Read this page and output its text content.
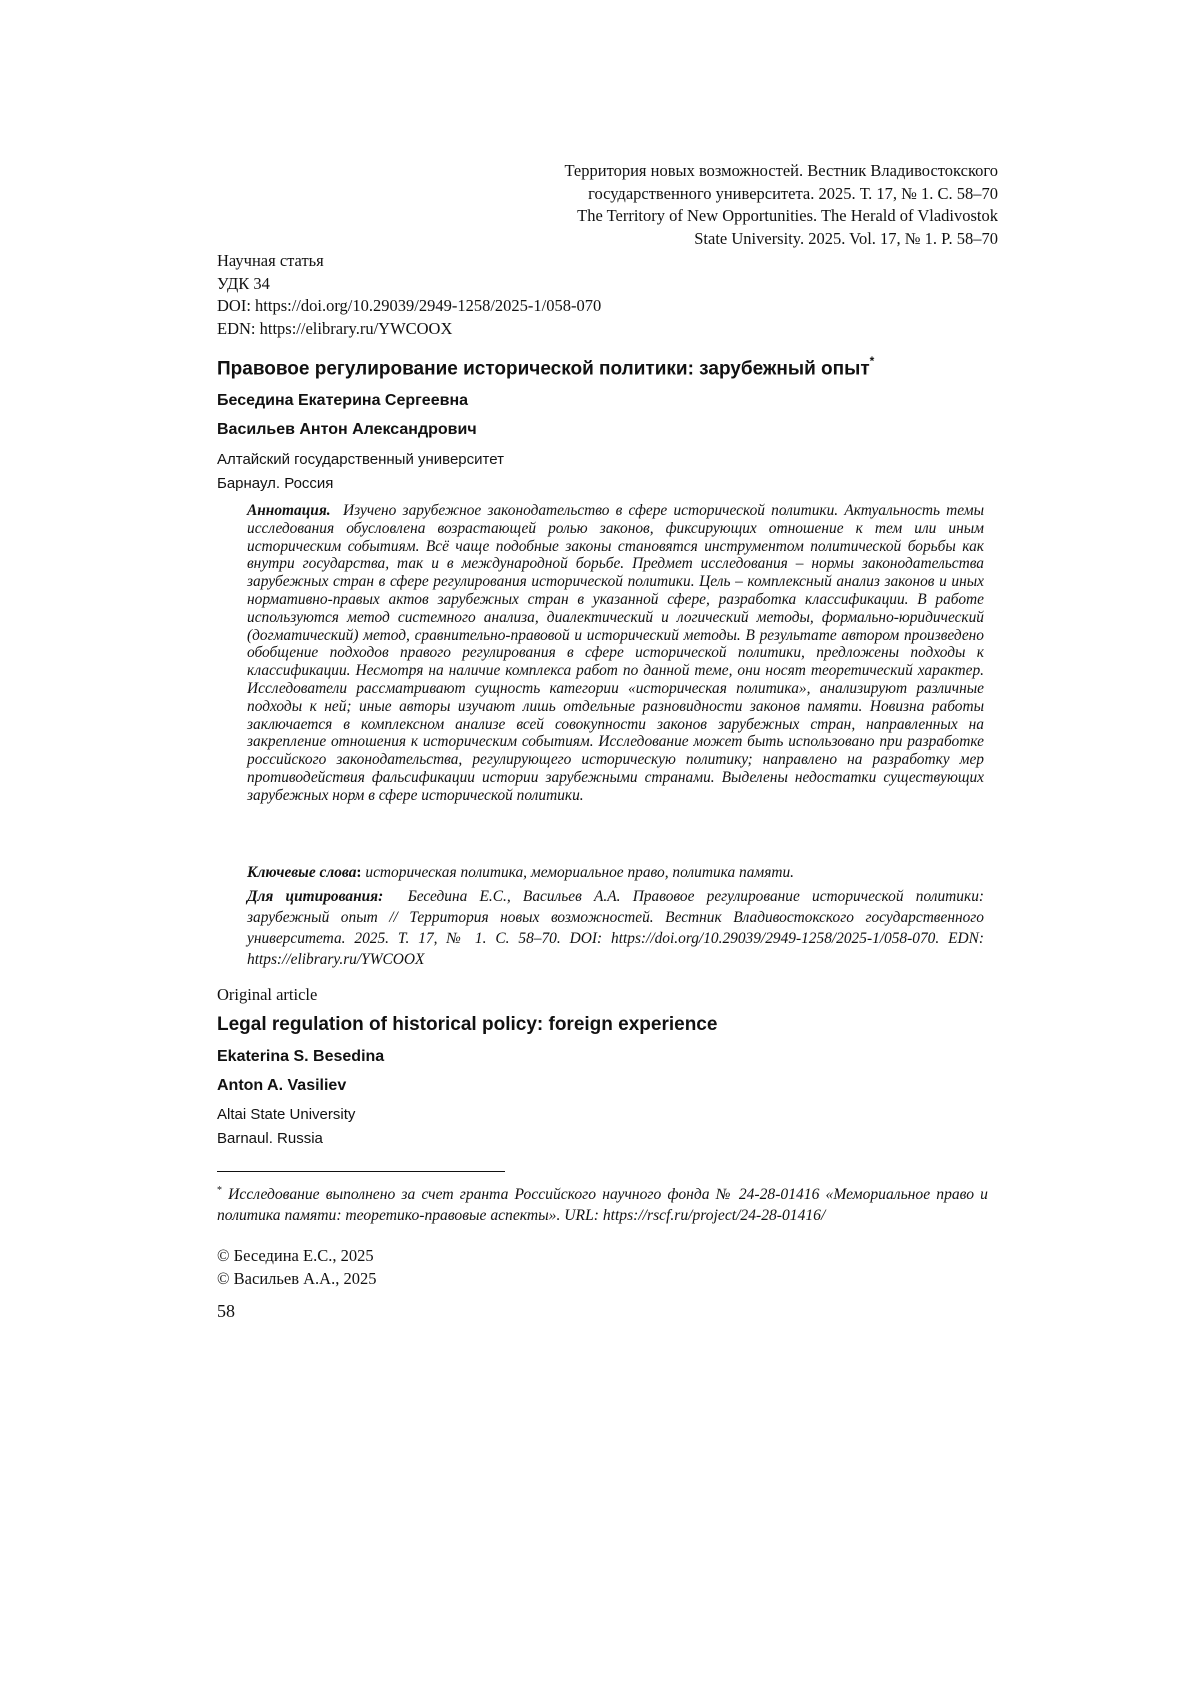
Территория новых возможностей. Вестник Владивостокского
государственного университета. 2025. Т. 17, № 1. С. 58–70
The Territory of New Opportunities. The Herald of Vladivostok
State University. 2025. Vol. 17, № 1. P. 58–70
Научная статья
УДК 34
DOI: https://doi.org/10.29039/2949-1258/2025-1/058-070
EDN: https://elibrary.ru/YWCOOX
Правовое регулирование исторической политики: зарубежный опыт*
Беседина Екатерина Сергеевна
Васильев Антон Александрович
Алтайский государственный университет
Барнаул. Россия
Аннотация. Изучено зарубежное законодательство в сфере исторической политики. Актуальность темы исследования обусловлена возрастающей ролью законов, фиксирующих отношение к тем или иным историческим событиям. Всё чаще подобные законы становятся инструментом политической борьбы как внутри государства, так и в международной борьбе. Предмет исследования – нормы законодательства зарубежных стран в сфере регулирования исторической политики. Цель – комплексный анализ законов и иных нормативно-правых актов зарубежных стран в указанной сфере, разработка классификации. В работе используются метод системного анализа, диалектический и логический методы, формально-юридический (догматический) метод, сравнительно-правовой и исторический методы. В результате автором произведено обобщение подходов правого регулирования в сфере исторической политики, предложены подходы к классификации. Несмотря на наличие комплекса работ по данной теме, они носят теоретический характер. Исследователи рассматривают сущность категории «историческая политика», анализируют различные подходы к ней; иные авторы изучают лишь отдельные разновидности законов памяти. Новизна работы заключается в комплексном анализе всей совокупности законов зарубежных стран, направленных на закрепление отношения к историческим событиям. Исследование может быть использовано при разработке российского законодательства, регулирующего историческую политику; направлено на разработку мер противодействия фальсификации истории зарубежными странами. Выделены недостатки существующих зарубежных норм в сфере исторической политики.
Ключевые слова: историческая политика, мемориальное право, политика памяти.
Для цитирования: Беседина Е.С., Васильев А.А. Правовое регулирование исторической политики: зарубежный опыт // Территория новых возможностей. Вестник Владивостокского государственного университета. 2025. Т. 17, № 1. С. 58–70. DOI: https://doi.org/10.29039/2949-1258/2025-1/058-070. EDN: https://elibrary.ru/YWCOOX
Original article
Legal regulation of historical policy: foreign experience
Ekaterina S. Besedina
Anton A. Vasiliev
Altai State University
Barnaul. Russia
* Исследование выполнено за счет гранта Российского научного фонда № 24-28-01416 «Мемориальное право и политика памяти: теоретико-правовые аспекты». URL: https://rscf.ru/project/24-28-01416/
© Беседина Е.С., 2025
© Васильев А.А., 2025
58
